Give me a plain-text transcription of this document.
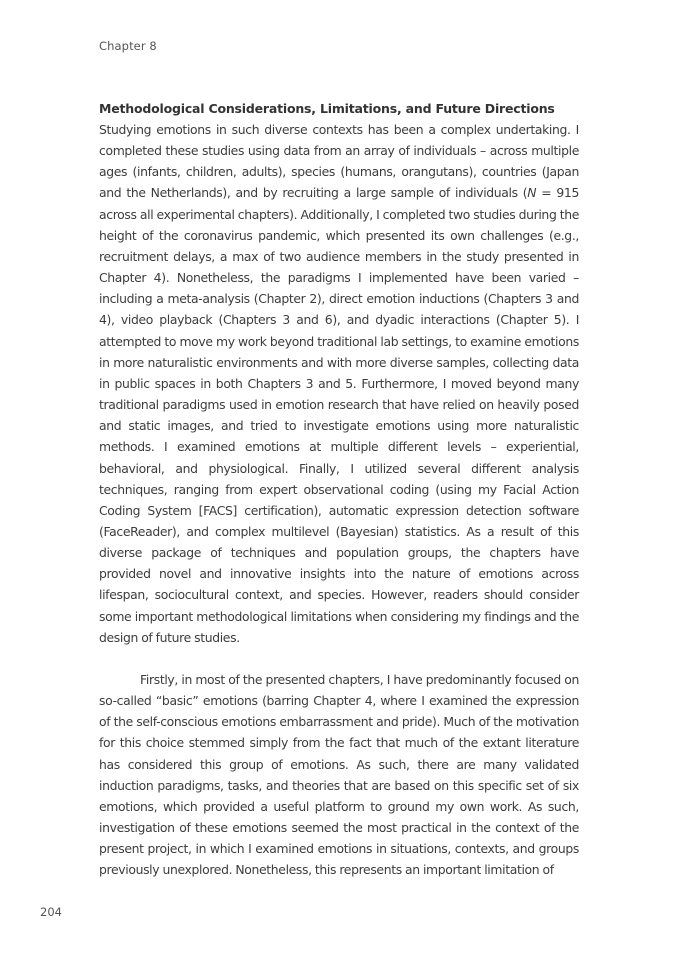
Chapter 8
Methodological Considerations, Limitations, and Future Directions

Studying emotions in such diverse contexts has been a complex undertaking. I completed these studies using data from an array of individuals – across multiple ages (infants, children, adults), species (humans, orangutans), countries (Japan and the Netherlands), and by recruiting a large sample of individuals (N = 915 across all experimental chapters). Additionally, I completed two studies during the height of the coronavirus pandemic, which presented its own challenges (e.g., recruitment delays, a max of two audience members in the study presented in Chapter 4). Nonetheless, the paradigms I implemented have been varied – including a meta-analysis (Chapter 2), direct emotion inductions (Chapters 3 and 4), video playback (Chapters 3 and 6), and dyadic interactions (Chapter 5). I attempted to move my work beyond traditional lab settings, to examine emotions in more naturalistic environments and with more diverse samples, collecting data in public spaces in both Chapters 3 and 5. Furthermore, I moved beyond many traditional paradigms used in emotion research that have relied on heavily posed and static images, and tried to investigate emotions using more naturalistic methods. I examined emotions at multiple different levels – experiential, behavioral, and physiological. Finally, I utilized several different analysis techniques, ranging from expert observational coding (using my Facial Action Coding System [FACS] certification), automatic expression detection software (FaceReader), and complex multilevel (Bayesian) statistics. As a result of this diverse package of techniques and population groups, the chapters have provided novel and innovative insights into the nature of emotions across lifespan, sociocultural context, and species. However, readers should consider some important methodological limitations when considering my findings and the design of future studies.

Firstly, in most of the presented chapters, I have predominantly focused on so-called “basic” emotions (barring Chapter 4, where I examined the expression of the self-conscious emotions embarrassment and pride). Much of the motivation for this choice stemmed simply from the fact that much of the extant literature has considered this group of emotions. As such, there are many validated induction paradigms, tasks, and theories that are based on this specific set of six emotions, which provided a useful platform to ground my own work. As such, investigation of these emotions seemed the most practical in the context of the present project, in which I examined emotions in situations, contexts, and groups previously unexplored. Nonetheless, this represents an important limitation of

204
